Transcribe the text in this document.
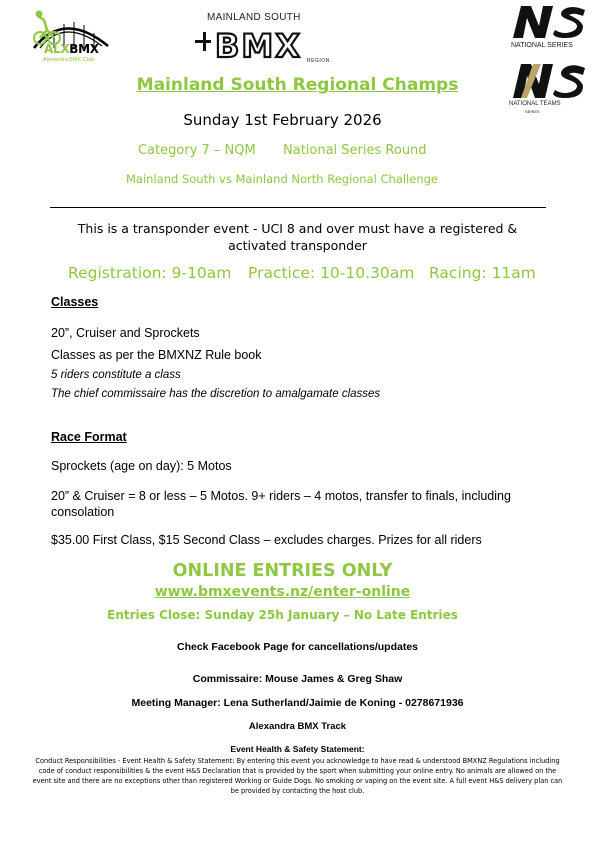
ALXBMX
Alexandra BMX Club
MAINLAND SOUTH
BMX REGION
NATIONAL SERIES
NATIONAL TEAMS
SERIES
Mainland South Regional Champs
Sunday 1st February 2026
Category 7 – NQM National Series Round
Mainland South vs Mainland North Regional Challenge
This is a transponder event - UCI 8 and over must have a registered & activated transponder
Registration: 9-10am Practice: 10-10.30am Racing: 11am
Classes
20”, Cruiser and Sprockets
Classes as per the BMXNZ Rule book
5 riders constitute a class
The chief commissaire has the discretion to amalgamate classes
Race Format
Sprockets (age on day): 5 Motos
20” & Cruiser = 8 or less – 5 Motos. 9+ riders – 4 motos, transfer to finals, including consolation
$35.00 First Class, $15 Second Class – excludes charges. Prizes for all riders
ONLINE ENTRIES ONLY
www.bmxevents.nz/enter-online
Entries Close: Sunday 25h January – No Late Entries
Check Facebook Page for cancellations/updates
Commissaire: Mouse James & Greg Shaw
Meeting Manager: Lena Sutherland/Jaimie de Koning - 0278671936
Alexandra BMX Track
Event Health & Safety Statement:
Conduct Responsibilities - Event Health & Safety Statement: By entering this event you acknowledge to have read & understood BMXNZ Regulations including code of conduct responsibilities & the event H&S Declaration that is provided by the sport when submitting your online entry. No animals are allowed on the event site and there are no exceptions other than registered Working or Guide Dogs. No smoking or vaping on the event site. A full event H&S delivery plan can be provided by contacting the host club.
